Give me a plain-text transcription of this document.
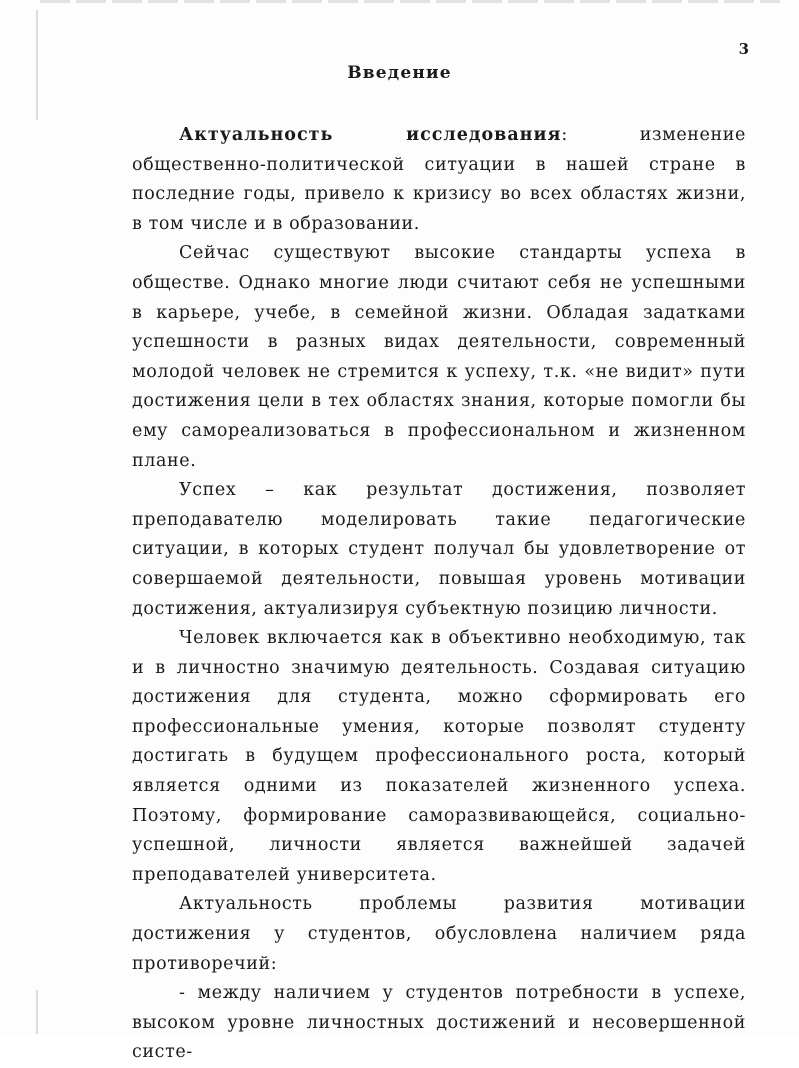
3
Введение

Актуальность исследования: изменение общественно-политической ситуации в нашей стране в последние годы, привело к кризису во всех областях жизни, в том числе и в образовании.

Сейчас существуют высокие стандарты успеха в обществе. Однако многие люди считают себя не успешными в карьере, учебе, в семейной жизни. Обладая задатками успешности в разных видах деятельности, современный молодой человек не стремится к успеху, т.к. «не видит» пути достижения цели в тех областях знания, которые помогли бы ему самореализоваться в профессиональном и жизненном плане.

Успех – как результат достижения, позволяет преподавателю моделировать такие педагогические ситуации, в которых студент получал бы удовлетворение от совершаемой деятельности, повышая уровень мотивации достижения, актуализируя субъектную позицию личности.

Человек включается как в объективно необходимую, так и в личностно значимую деятельность. Создавая ситуацию достижения для студента, можно сформировать его профессиональные умения, которые позволят студенту достигать в будущем профессионального роста, который является одними из показателей жизненного успеха. Поэтому, формирование саморазвивающейся, социально-успешной, личности является важнейшей задачей преподавателей университета.

Актуальность проблемы развития мотивации достижения у студентов, обусловлена наличием ряда противоречий:

- между наличием у студентов потребности в успехе, высоком уровне личностных достижений и несовершенной систе-
